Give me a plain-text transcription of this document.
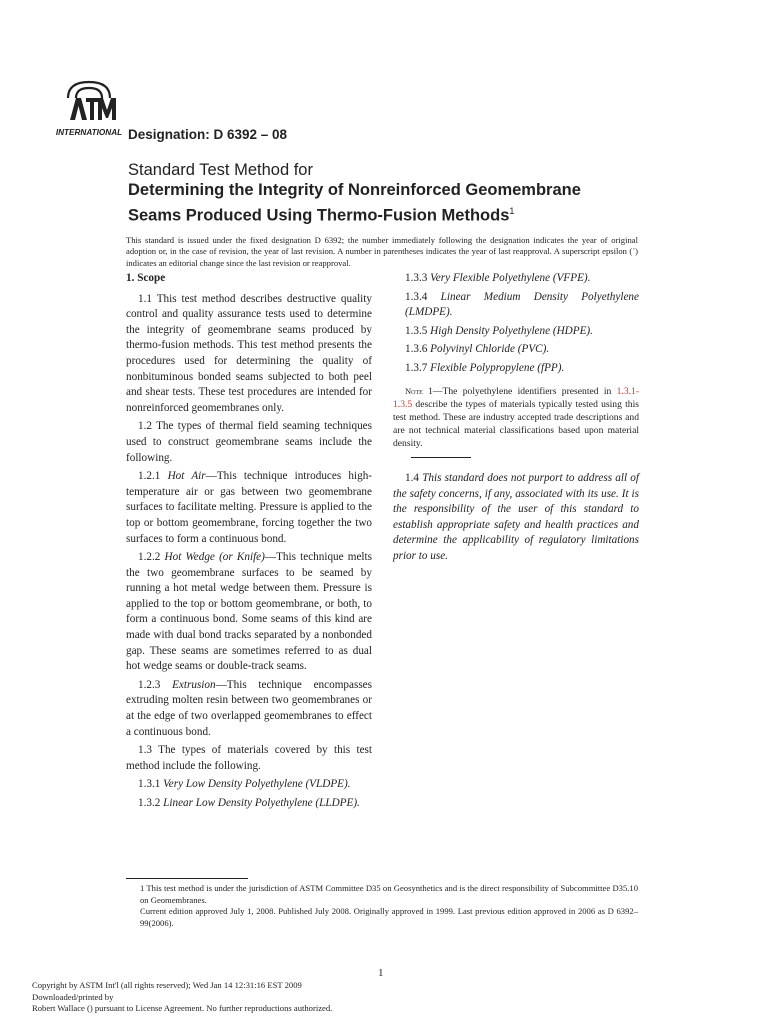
INTERNATIONAL Designation: D 6392 – 08
Standard Test Method for
Determining the Integrity of Nonreinforced Geomembrane
Seams Produced Using Thermo-Fusion Methods$^1$

This standard is issued under the fixed designation D 6392; the number immediately following the designation indicates the year of original adoption or, in the case of revision, the year of last revision. A number in parentheses indicates the year of last reapproval. A superscript epsilon (´) indicates an editorial change since the last revision or reapproval.

1. Scope

1.1 This test method describes destructive quality control and quality assurance tests used to determine the integrity of geomembrane seams produced by thermo-fusion methods. This test method presents the procedures used for determining the quality of nonbituminous bonded seams subjected to both peel and shear tests. These test procedures are intended for nonreinforced geomembranes only.

1.2 The types of thermal field seaming techniques used to construct geomembrane seams include the following.

1.2.1 Hot Air—This technique introduces high-temperature air or gas between two geomembrane surfaces to facilitate melting. Pressure is applied to the top or bottom geomembrane, forcing together the two surfaces to form a continuous bond.

1.2.2 Hot Wedge (or Knife)—This technique melts the two geomembrane surfaces to be seamed by running a hot metal wedge between them. Pressure is applied to the top or bottom geomembrane, or both, to form a continuous bond. Some seams of this kind are made with dual bond tracks separated by a nonbonded gap. These seams are sometimes referred to as dual hot wedge seams or double-track seams.

1.2.3 Extrusion—This technique encompasses extruding molten resin between two geomembranes or at the edge of two overlapped geomembranes to effect a continuous bond.

1.3 The types of materials covered by this test method include the following.

1.3.1 Very Low Density Polyethylene (VLDPE).

1.3.2 Linear Low Density Polyethylene (LLDPE).

1.3.3 Very Flexible Polyethylene (VFPE).

1.3.4 Linear Medium Density Polyethylene (LMDPE).

1.3.5 High Density Polyethylene (HDPE).

1.3.6 Polyvinyl Chloride (PVC).

1.3.7 Flexible Polypropylene (fPP).

Note 1—The polyethylene identifiers presented in 1.3.1-1.3.5 describe the types of materials typically tested using this test method. These are industry accepted trade descriptions and are not technical material classifications based upon material density.

1.4 This standard does not purport to address all of the safety concerns, if any, associated with its use. It is the responsibility of the user of this standard to establish appropriate safety and health practices and determine the applicability of regulatory limitations prior to use.

1 This test method is under the jurisdiction of ASTM Committee D35 on Geosynthetics and is the direct responsibility of Subcommittee D35.10 on Geomembranes.

Current edition approved July 1, 2008. Published July 2008. Originally approved in 1999. Last previous edition approved in 2006 as D 6392–99(2006).

1
Copyright by ASTM Int'l (all rights reserved); Wed Jan 14 12:31:16 EST 2009
Downloaded/printed by
Robert Wallace () pursuant to License Agreement. No further reproductions authorized.
